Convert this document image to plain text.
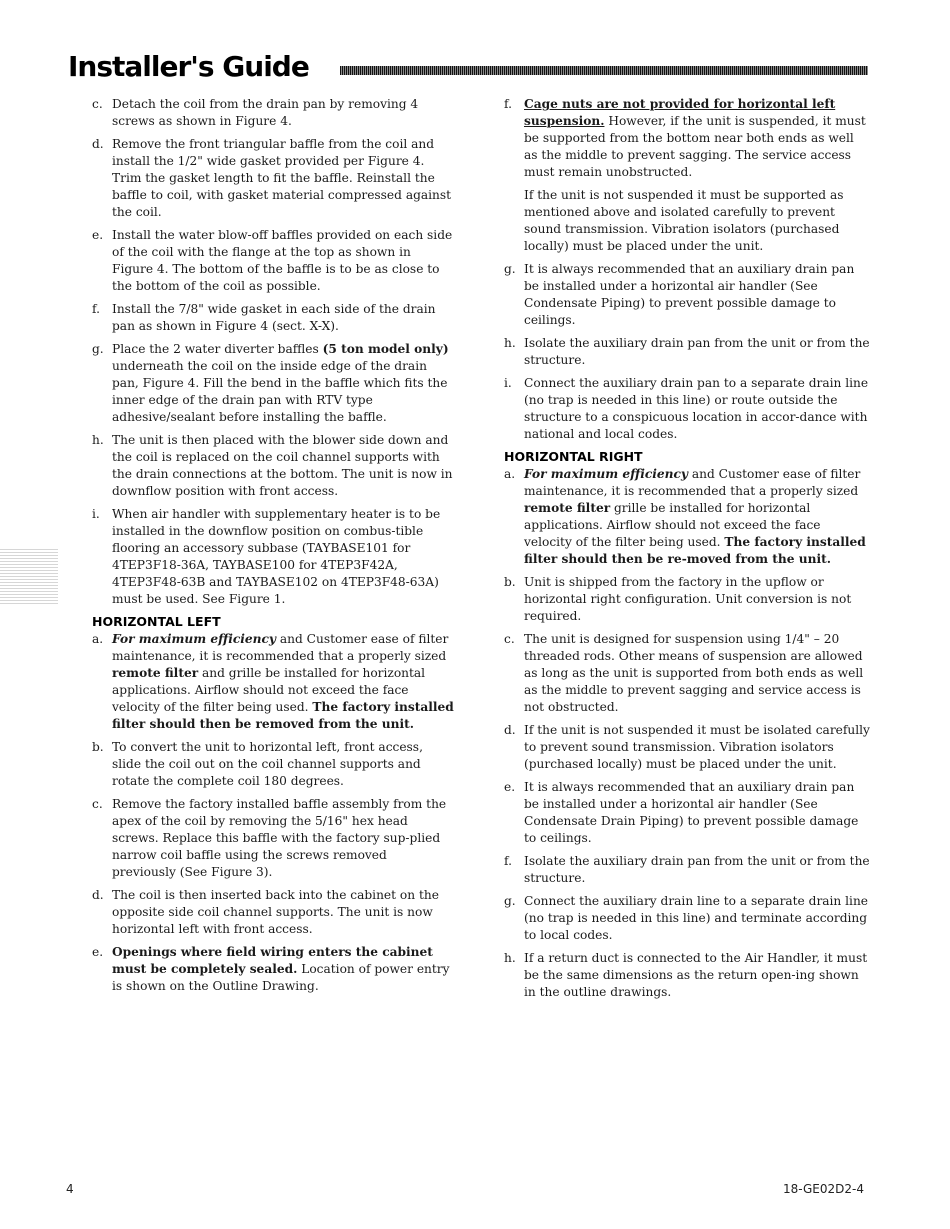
Installer's Guide
c. Detach the coil from the drain pan by removing 4 screws as shown in Figure 4.

d. Remove the front triangular baffle from the coil and install the 1/2" wide gasket provided per Figure 4. Trim the gasket length to fit the baffle. Reinstall the baffle to coil, with gasket material compressed against the coil.

e. Install the water blow-off baffles provided on each side of the coil with the flange at the top as shown in Figure 4. The bottom of the baffle is to be as close to the bottom of the coil as possible.

f. Install the 7/8" wide gasket in each side of the drain pan as shown in Figure 4 (sect. X-X).

g. Place the 2 water diverter baffles (5 ton model only) underneath the coil on the inside edge of the drain pan, Figure 4. Fill the bend in the baffle which fits the inner edge of the drain pan with RTV type adhesive/sealant before installing the baffle.

h. The unit is then placed with the blower side down and the coil is replaced on the coil channel supports with the drain connections at the bottom. The unit is now in downflow position with front access.

i. When air handler with supplementary heater is to be installed in the downflow position on combus-tible flooring an accessory subbase (TAYBASE101 for 4TEP3F18-36A, TAYBASE100 for 4TEP3F42A, 4TEP3F48-63B and TAYBASE102 on 4TEP3F48-63A) must be used. See Figure 1.

HORIZONTAL LEFT
a. For maximum efficiency and Customer ease of filter maintenance, it is recommended that a properly sized remote filter and grille be installed for horizontal applications. Airflow should not exceed the face velocity of the filter being used. The factory installed filter should then be removed from the unit.

b. To convert the unit to horizontal left, front access, slide the coil out on the coil channel supports and rotate the complete coil 180 degrees.

c. Remove the factory installed baffle assembly from the apex of the coil by removing the 5/16" hex head screws. Replace this baffle with the factory sup-plied narrow coil baffle using the screws removed previously (See Figure 3).

d. The coil is then inserted back into the cabinet on the opposite side coil channel supports. The unit is now horizontal left with front access.

e. Openings where field wiring enters the cabinet must be completely sealed. Location of power entry is shown on the Outline Drawing.

f. Cage nuts are not provided for horizontal left suspension. However, if the unit is suspended, it must be supported from the bottom near both ends as well as the middle to prevent sagging. The service access must remain unobstructed.

If the unit is not suspended it must be supported as mentioned above and isolated carefully to prevent sound transmission. Vibration isolators (purchased locally) must be placed under the unit.

g. It is always recommended that an auxiliary drain pan be installed under a horizontal air handler (See Condensate Piping) to prevent possible damage to ceilings.

h. Isolate the auxiliary drain pan from the unit or from the structure.

i. Connect the auxiliary drain pan to a separate drain line (no trap is needed in this line) or route outside the structure to a conspicuous location in accor-dance with national and local codes.

HORIZONTAL RIGHT
a. For maximum efficiency and Customer ease of filter maintenance, it is recommended that a properly sized remote filter grille be installed for horizontal applications. Airflow should not exceed the face velocity of the filter being used. The factory installed filter should then be re-moved from the unit.

b. Unit is shipped from the factory in the upflow or horizontal right configuration. Unit conversion is not required.

c. The unit is designed for suspension using 1/4" – 20 threaded rods. Other means of suspension are allowed as long as the unit is supported from both ends as well as the middle to prevent sagging and service access is not obstructed.

d. If the unit is not suspended it must be isolated carefully to prevent sound transmission. Vibration isolators (purchased locally) must be placed under the unit.

e. It is always recommended that an auxiliary drain pan be installed under a horizontal air handler (See Condensate Drain Piping) to prevent possible damage to ceilings.

f. Isolate the auxiliary drain pan from the unit or from the structure.

g. Connect the auxiliary drain line to a separate drain line (no trap is needed in this line) and terminate according to local codes.

h. If a return duct is connected to the Air Handler, it must be the same dimensions as the return open-ing shown in the outline drawings.

4	18-GE02D2-4
